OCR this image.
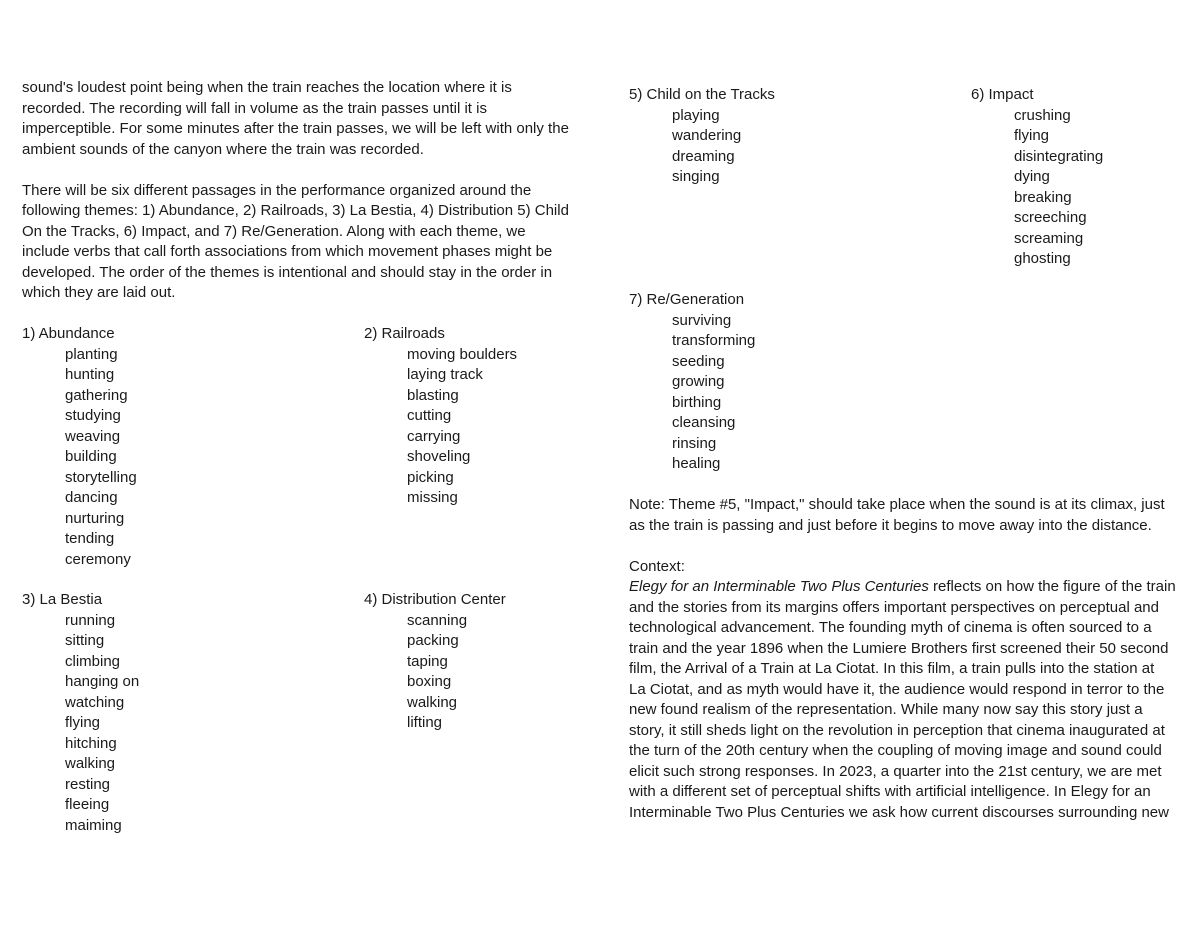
sound's loudest point being when the train reaches the location where it is

recorded. The recording will fall in volume as the train passes until it is

imperceptible. For some minutes after the train passes, we will be left with only the

ambient sounds of the canyon where the train was recorded.

There will be six different passages in the performance organized around the

following themes: 1) Abundance, 2) Railroads, 3) La Bestia, 4) Distribution 5) Child

On the Tracks, 6) Impact, and 7) Re/Generation. Along with each theme, we

include verbs that call forth associations from which movement phases might be

developed. The order of the themes is intentional and should stay in the order in

which they are laid out.

1) Abundance

planting
hunting
gathering
studying
weaving
building
storytelling
dancing
nurturing
tending
ceremony

2) Railroads

moving boulders
laying track
blasting
cutting
carrying
shoveling
picking
missing

3) La Bestia

running
sitting
climbing
hanging on
watching
flying
hitching
walking
resting
fleeing
maiming

4) Distribution Center

scanning
packing
taping
boxing
walking
lifting

5) Child on the Tracks

playing
wandering
dreaming
singing

6) Impact

crushing
flying
disintegrating
dying
breaking
screeching
screaming
ghosting

7) Re/Generation

surviving
transforming
seeding
growing
birthing
cleansing
rinsing
healing

Note: Theme #5, "Impact," should take place when the sound is at its climax, just

as the train is passing and just before it begins to move away into the distance.

Context:

Elegy for an Interminable Two Plus Centuries reflects on how the figure of the train

and the stories from its margins offers important perspectives on perceptual and

technological advancement. The founding myth of cinema is often sourced to a

train and the year 1896 when the Lumiere Brothers first screened their 50 second

film, the Arrival of a Train at La Ciotat. In this film, a train pulls into the station at

La Ciotat, and as myth would have it, the audience would respond in terror to the

new found realism of the representation. While many now say this story just a

story, it still sheds light on the revolution in perception that cinema inaugurated at

the turn of the 20th century when the coupling of moving image and sound could

elicit such strong responses. In 2023, a quarter into the 21st century, we are met

with a different set of perceptual shifts with artificial intelligence. In Elegy for an

Interminable Two Plus Centuries we ask how current discourses surrounding new
